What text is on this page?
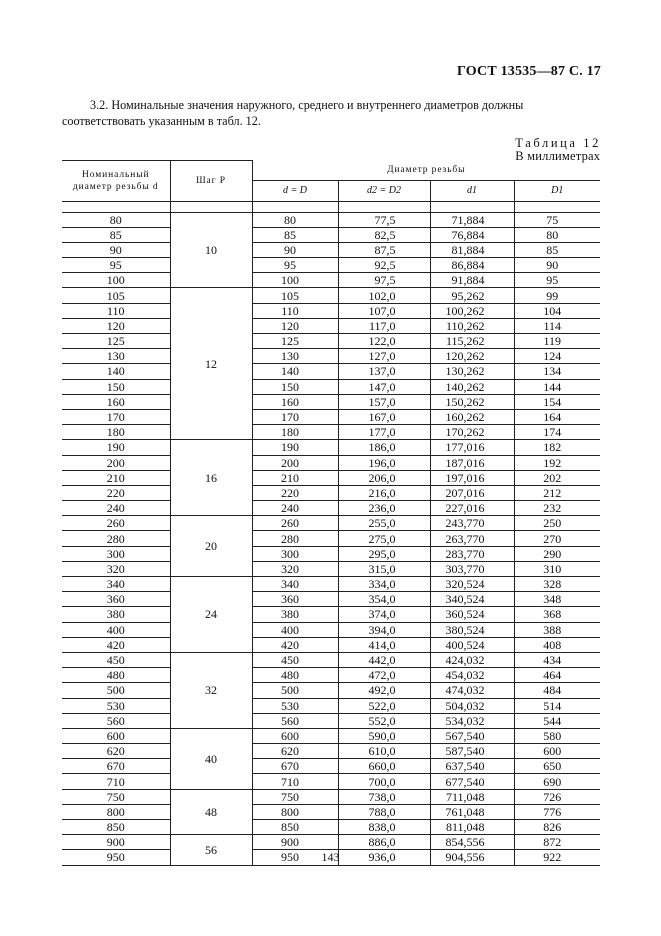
ГОСТ 13535—87 С. 17
3.2. Номинальные значения наружного, среднего и внутреннего диаметров должны соответствовать указанным в табл. 12.
Таблица 12
В миллиметрах
Номинальный диаметр резьбы d	Шаг P	Диаметр резьбы			
		d = D	d2 = D2	d1	D1

80	10	80	77,5	71,884	75
85		85	82,5	76,884	80
90		90	87,5	81,884	85
95		95	92,5	86,884	90
100		100	97,5	91,884	95
105	12	105	102,0	95,262	99
110		110	107,0	100,262	104
120		120	117,0	110,262	114
125		125	122,0	115,262	119
130		130	127,0	120,262	124
140		140	137,0	130,262	134
150		150	147,0	140,262	144
160		160	157,0	150,262	154
170		170	167,0	160,262	164
180		180	177,0	170,262	174
190	16	190	186,0	177,016	182
200		200	196,0	187,016	192
210		210	206,0	197,016	202
220		220	216,0	207,016	212
240		240	236,0	227,016	232
260	20	260	255,0	243,770	250
280		280	275,0	263,770	270
300		300	295,0	283,770	290
320		320	315,0	303,770	310
340	24	340	334,0	320,524	328
360		360	354,0	340,524	348
380		380	374,0	360,524	368
400		400	394,0	380,524	388
420		420	414,0	400,524	408
450	32	450	442,0	424,032	434
480		480	472,0	454,032	464
500		500	492,0	474,032	484
530		530	522,0	504,032	514
560		560	552,0	534,032	544
600	40	600	590,0	567,540	580
620		620	610,0	587,540	600
670		670	660,0	637,540	650
710		710	700,0	677,540	690
750	48	750	738,0	711,048	726
800		800	788,0	761,048	776
850		850	838,0	811,048	826
900	56	900	886,0	854,556	872
950		950	936,0	904,556	922
143
